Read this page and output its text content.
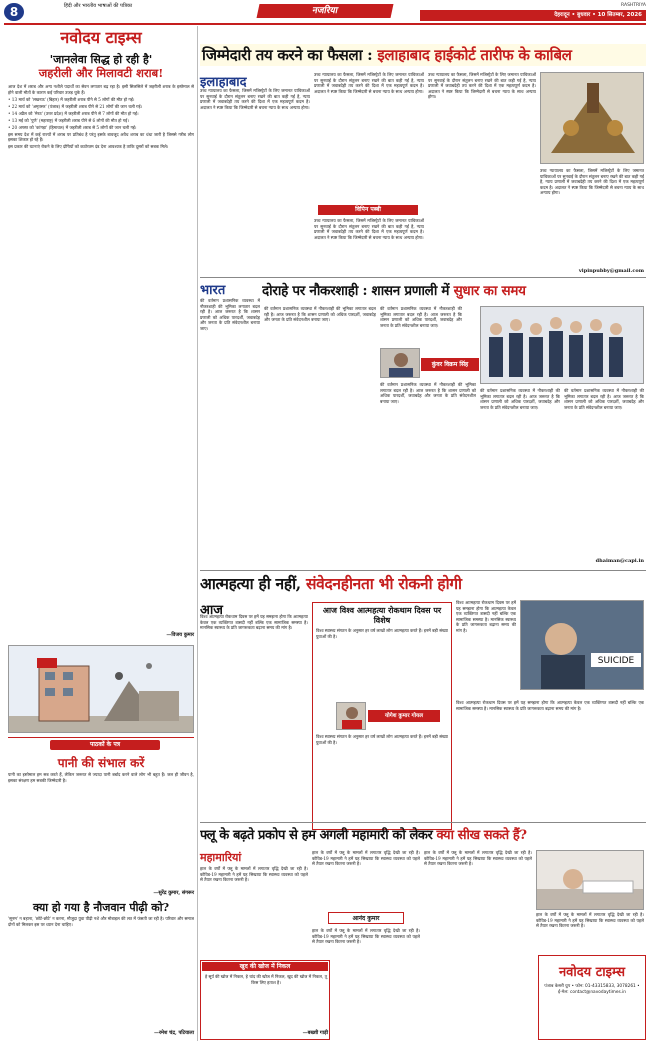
8	हिंदी और भारतीय भाषाओं की पत्रिका	नजरिया
RASHTRIYA
देहरादून • बुधवार • 10 सितम्बर, 2026
नवोदय टाइम्स
'जानलेवा सिद्ध हो रही है'
जहरीली और मिलावटी शराब!

आज देश में शराब और अन्य नशीले पदार्थों का सेवन लगातार बढ़ रहा है। इसी सिलसिले में जहरीली शराब के इस्तेमाल से होने वाली मौतों के कारण कई परिवार उजड़ चुके हैं।

• 13 मार्च को 'लखनऊ' (बिहार) में जहरीली शराब पीने से 5 लोगों की मौत हो गई।

• 22 मार्च को 'अमृतसर' (पंजाब) में जहरीली शराब पीने से 21 लोगों की जान चली गई।

• 14 अप्रैल को 'मेरठ' (उत्तर प्रदेश) में जहरीली शराब पीने से 7 लोगों की मौत हो गई।

• 13 मई को 'पुणे' (महाराष्ट्र) में जहरीली शराब पीने से 6 लोगों की मौत हो गई।

• 20 अगस्त को 'कांगड़ा' (हिमाचल) में जहरीली शराब से 5 लोगों की जान चली गई।

इस समय देश में कई राज्यों में शराब पर प्रतिबंध है परंतु इसके बावजूद अवैध शराब का धंधा जारी है जिससे गरीब लोग इसका शिकार हो रहे हैं।

इस प्रकार की घटनाएं रोकने के लिए दोषियों को कठोरतम दंड देना आवश्यक है ताकि दूसरों को सबक मिले।

—विजय कुमार
पाठकों के पत्र
पानी की संभाल करें
पानी का इस्तेमाल हम सब करते हैं, लेकिन जरूरत से ज्यादा पानी बर्बाद करने वाले लोग भी बहुत हैं। जल ही जीवन है, इसका संरक्षण हम सबकी जिम्मेदारी है।
—सुरेंद्र कुमार, संगरूर
क्या हो गया है नौजवान पीढ़ी को?
'सूनम' न बहाना, 'छोटे-छोटे' न करना, मौजूदा युवा पीढ़ी नशे और मोबाइल की लत में फंसती जा रही है। परिवार और समाज दोनों को मिलकर इस पर ध्यान देना चाहिए।
—रमेश चंद्र, पटियाला
जिम्मेदारी तय करने का फैसला : इलाहाबाद हाईकोर्ट तारीफ के काबिल
इलाहाबाद
उच्च न्यायालय का फैसला, जिसमें मजिस्ट्रेटों के लिए जमानत याचिकाओं पर सुनवाई के दौरान संतुलन बनाए रखने की बात कही गई है, न्याय प्रणाली में जवाबदेही तय करने की दिशा में एक महत्वपूर्ण कदम है। अदालत ने स्पष्ट किया कि जिम्मेदारी से बचना न्याय के साथ अन्याय होगा।
उच्च न्यायालय का फैसला, जिसमें मजिस्ट्रेटों के लिए जमानत याचिकाओं पर सुनवाई के दौरान संतुलन बनाए रखने की बात कही गई है, न्याय प्रणाली में जवाबदेही तय करने की दिशा में एक महत्वपूर्ण कदम है। अदालत ने स्पष्ट किया कि जिम्मेदारी से बचना न्याय के साथ अन्याय होगा।
विपिन पब्बी
उच्च न्यायालय का फैसला, जिसमें मजिस्ट्रेटों के लिए जमानत याचिकाओं पर सुनवाई के दौरान संतुलन बनाए रखने की बात कही गई है, न्याय प्रणाली में जवाबदेही तय करने की दिशा में एक महत्वपूर्ण कदम है। अदालत ने स्पष्ट किया कि जिम्मेदारी से बचना न्याय के साथ अन्याय होगा।
उच्च न्यायालय का फैसला, जिसमें मजिस्ट्रेटों के लिए जमानत याचिकाओं पर सुनवाई के दौरान संतुलन बनाए रखने की बात कही गई है, न्याय प्रणाली में जवाबदेही तय करने की दिशा में एक महत्वपूर्ण कदम है। अदालत ने स्पष्ट किया कि जिम्मेदारी से बचना न्याय के साथ अन्याय होगा।
उच्च न्यायालय का फैसला, जिसमें मजिस्ट्रेटों के लिए जमानत याचिकाओं पर सुनवाई के दौरान संतुलन बनाए रखने की बात कही गई है, न्याय प्रणाली में जवाबदेही तय करने की दिशा में एक महत्वपूर्ण कदम है। अदालत ने स्पष्ट किया कि जिम्मेदारी से बचना न्याय के साथ अन्याय होगा।
vipinpubby@gmail.com
भारत
की वर्तमान प्रशासनिक व्यवस्था में नौकरशाही की भूमिका लगातार बदल रही है। आज जरूरत है कि शासन प्रणाली को अधिक पारदर्शी, जवाबदेह और जनता के प्रति संवेदनशील बनाया जाए।
दोराहे पर नौकरशाही : शासन प्रणाली में सुधार का समय
की वर्तमान प्रशासनिक व्यवस्था में नौकरशाही की भूमिका लगातार बदल रही है। आज जरूरत है कि शासन प्रणाली को अधिक पारदर्शी, जवाबदेह और जनता के प्रति संवेदनशील बनाया जाए।
की वर्तमान प्रशासनिक व्यवस्था में नौकरशाही की भूमिका लगातार बदल रही है। आज जरूरत है कि शासन प्रणाली को अधिक पारदर्शी, जवाबदेह और जनता के प्रति संवेदनशील बनाया जाए।
कुंवर विक्रम सिंह
की वर्तमान प्रशासनिक व्यवस्था में नौकरशाही की भूमिका लगातार बदल रही है। आज जरूरत है कि शासन प्रणाली को अधिक पारदर्शी, जवाबदेह और जनता के प्रति संवेदनशील बनाया जाए।
की वर्तमान प्रशासनिक व्यवस्था में नौकरशाही की भूमिका लगातार बदल रही है। आज जरूरत है कि शासन प्रणाली को अधिक पारदर्शी, जवाबदेह और जनता के प्रति संवेदनशील बनाया जाए।
की वर्तमान प्रशासनिक व्यवस्था में नौकरशाही की भूमिका लगातार बदल रही है। आज जरूरत है कि शासन प्रणाली को अधिक पारदर्शी, जवाबदेह और जनता के प्रति संवेदनशील बनाया जाए।
dhaiman@capi.in
आत्महत्या ही नहीं, संवेदनहीनता भी रोकनी होगी
आज
विश्व आत्महत्या रोकथाम दिवस पर हमें यह समझना होगा कि आत्महत्या केवल एक व्यक्तिगत त्रासदी नहीं बल्कि एक सामाजिक समस्या है। मानसिक स्वास्थ्य के प्रति जागरूकता बढ़ाना समय की मांग है।
आज विश्व आत्महत्या रोकथाम दिवस पर विशेष
विश्व स्वास्थ्य संगठन के अनुसार हर वर्ष लाखों लोग आत्महत्या करते हैं। इनमें बड़ी संख्या युवाओं की है।
योगेश कुमार गोयल
विश्व स्वास्थ्य संगठन के अनुसार हर वर्ष लाखों लोग आत्महत्या करते हैं। इनमें बड़ी संख्या युवाओं की है।
विश्व आत्महत्या रोकथाम दिवस पर हमें यह समझना होगा कि आत्महत्या केवल एक व्यक्तिगत त्रासदी नहीं बल्कि एक सामाजिक समस्या है। मानसिक स्वास्थ्य के प्रति जागरूकता बढ़ाना समय की मांग है।
SUICIDE
विश्व आत्महत्या रोकथाम दिवस पर हमें यह समझना होगा कि आत्महत्या केवल एक व्यक्तिगत त्रासदी नहीं बल्कि एक सामाजिक समस्या है। मानसिक स्वास्थ्य के प्रति जागरूकता बढ़ाना समय की मांग है।
फ्लू के बढ़ते प्रकोप से हम अगली महामारी को लेकर क्या सीख सकते हैं?
महामारियां
हाल के वर्षों में फ्लू के मामलों में लगातार वृद्धि देखी जा रही है। कोविड-19 महामारी ने हमें यह सिखाया कि स्वास्थ्य व्यवस्था को पहले से तैयार रखना कितना जरूरी है।
हाल के वर्षों में फ्लू के मामलों में लगातार वृद्धि देखी जा रही है। कोविड-19 महामारी ने हमें यह सिखाया कि स्वास्थ्य व्यवस्था को पहले से तैयार रखना कितना जरूरी है।
आनंद कुमार
हाल के वर्षों में फ्लू के मामलों में लगातार वृद्धि देखी जा रही है। कोविड-19 महामारी ने हमें यह सिखाया कि स्वास्थ्य व्यवस्था को पहले से तैयार रखना कितना जरूरी है।
खुद की खोज में निकल
हे सूर्य की खोज में निकल, हे चांद की खोज में निकल, खुद की खोज में निकल, तू किस लिए हताश है।
—बख्शी गाड़ी
हाल के वर्षों में फ्लू के मामलों में लगातार वृद्धि देखी जा रही है। कोविड-19 महामारी ने हमें यह सिखाया कि स्वास्थ्य व्यवस्था को पहले से तैयार रखना कितना जरूरी है।
हाल के वर्षों में फ्लू के मामलों में लगातार वृद्धि देखी जा रही है। कोविड-19 महामारी ने हमें यह सिखाया कि स्वास्थ्य व्यवस्था को पहले से तैयार रखना कितना जरूरी है।
नवोदय टाइम्स
पंजाब केसरी ग्रुप • फोन: 01-43315833, 3078261 • ई-मेल: contact@navodaytimes.in
